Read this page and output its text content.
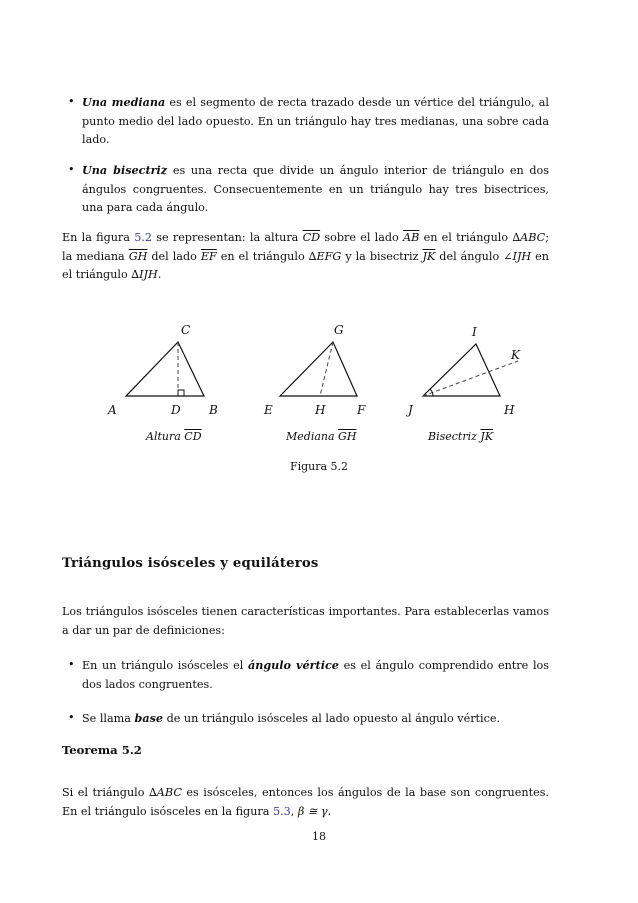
• Una mediana es el segmento de recta trazado desde un vértice del triángulo, al punto medio del lado opuesto. En un triángulo hay tres medianas, una sobre cada lado.
• Una bisectriz es una recta que divide un ángulo interior de triángulo en dos ángulos congruentes. Consecuentemente en un triángulo hay tres bisectrices, una para cada ángulo.
En la figura 5.2 se representan: la altura $\overline{CD}$ sobre el lado $\overline{AB}$ en el triángulo ∆ABC; la mediana $\overline{GH}$ del lado $\overline{EF}$ en el triángulo ∆EFG y la bisectriz $\overline{JK}$ del ángulo ∠IJH en el triángulo ∆IJH.
C
A	D B
G
E	H	F
I
K
J	H
Altura $\overline{CD}$	Mediana $\overline{GH}$	Bisectriz $\overline{JK}$
Figura 5.2
Triángulos isósceles y equiláteros
Los triángulos isósceles tienen características importantes. Para establecerlas vamos a dar un par de definiciones:
• En un triángulo isósceles el ángulo vértice es el ángulo comprendido entre los dos lados congruentes.
• Se llama base de un triángulo isósceles al lado opuesto al ángulo vértice.
Teorema 5.2
Si el triángulo ∆ABC es isósceles, entonces los ángulos de la base son congruentes. En el triángulo isósceles en la figura 5.3, β ≅ γ.
18
